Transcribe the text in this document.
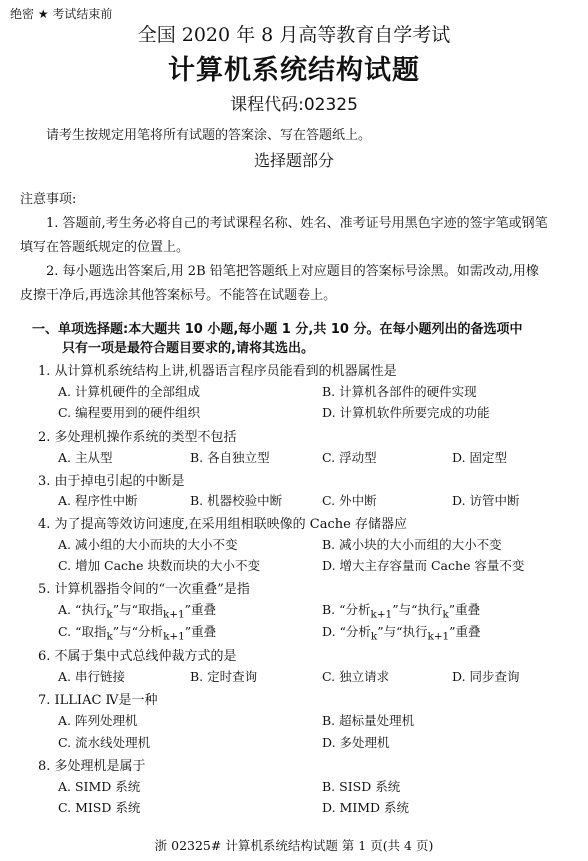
绝密 ★ 考试结束前
全国 2020 年 8 月高等教育自学考试
计算机系统结构试题
课程代码:02325
请考生按规定用笔将所有试题的答案涂、写在答题纸上。
选择题部分
注意事项:
1. 答题前,考生务必将自己的考试课程名称、姓名、准考证号用黑色字迹的签字笔或钢笔
填写在答题纸规定的位置上。
2. 每小题选出答案后,用 2B 铅笔把答题纸上对应题目的答案标号涂黑。如需改动,用橡
皮擦干净后,再选涂其他答案标号。不能答在试题卷上。
一、单项选择题:本大题共 10 小题,每小题 1 分,共 10 分。在每小题列出的备选项中
只有一项是最符合题目要求的,请将其选出。
1. 从计算机系统结构上讲,机器语言程序员能看到的机器属性是
A. 计算机硬件的全部组成	B. 计算机各部件的硬件实现
C. 编程要用到的硬件组织	D. 计算机软件所要完成的功能
2. 多处理机操作系统的类型不包括
A. 主从型	B. 各自独立型	C. 浮动型	D. 固定型
3. 由于掉电引起的中断是
A. 程序性中断	B. 机器校验中断	C. 外中断	D. 访管中断
4. 为了提高等效访问速度,在采用组相联映像的 Cache 存储器应
A. 减小组的大小而块的大小不变	B. 减小块的大小而组的大小不变
C. 增加 Cache 块数而块的大小不变	D. 增大主存容量而 Cache 容量不变
5. 计算机器指令间的“一次重叠”是指
A. “执行$_k$”与“取指$_{k+1}$”重叠	B. “分析$_{k+1}$”与“执行$_k$”重叠
C. “取指$_k$”与“分析$_{k+1}$”重叠	D. “分析$_k$”与“执行$_{k+1}$”重叠
6. 不属于集中式总线仲裁方式的是
A. 串行链接	B. 定时查询	C. 独立请求	D. 同步查询
7. ILLIAC Ⅳ是一种
A. 阵列处理机	B. 超标量处理机
C. 流水线处理机	D. 多处理机
8. 多处理机是属于
A. SIMD 系统	B. SISD 系统
C. MISD 系统	D. MIMD 系统
浙 02325# 计算机系统结构试题 第 1 页(共 4 页)
